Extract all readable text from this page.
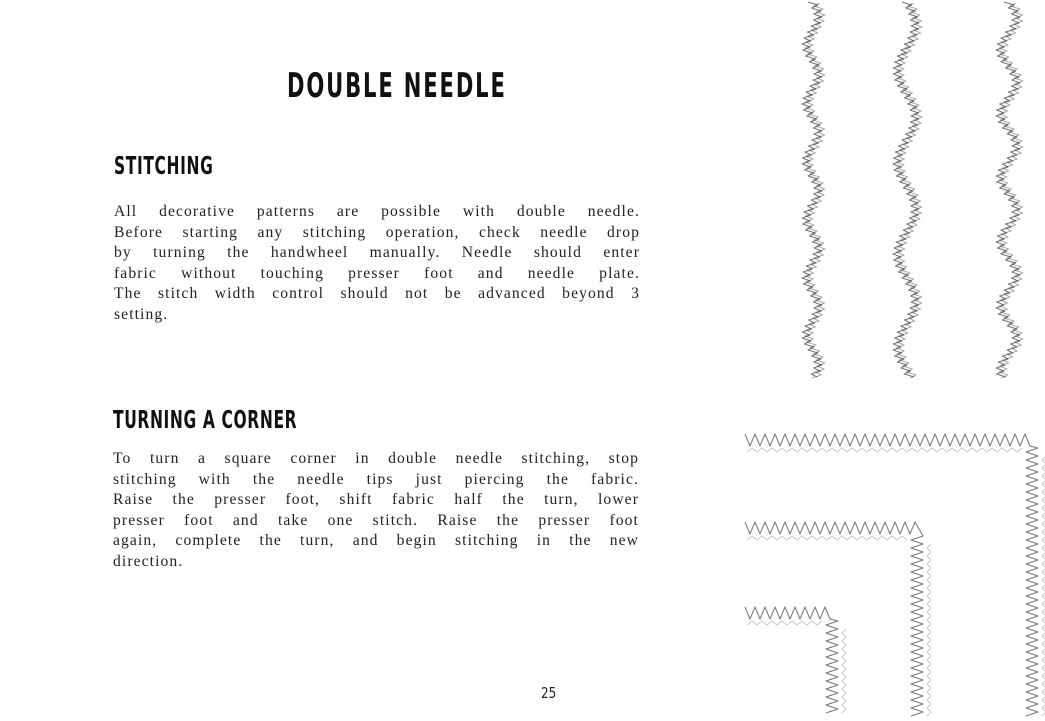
DOUBLE NEEDLE
STITCHING
All decorative patterns are possible with double needle.
Before starting any stitching operation, check needle drop
by turning the handwheel manually. Needle should enter
fabric without touching presser foot and needle plate.
The stitch width control should not be advanced beyond 3
setting.
TURNING A CORNER
To turn a square corner in double needle stitching, stop
stitching with the needle tips just piercing the fabric.
Raise the presser foot, shift fabric half the turn, lower
presser foot and take one stitch. Raise the presser foot
again, complete the turn, and begin stitching in the new
direction.
25
